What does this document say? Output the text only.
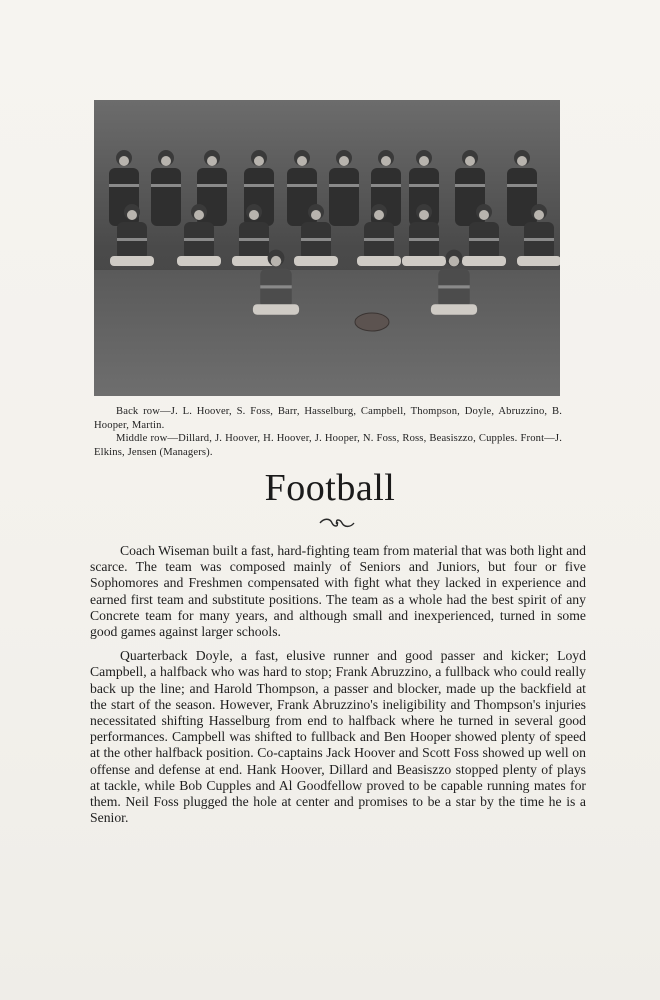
Back row—J. L. Hoover, S. Foss, Barr, Hasselburg, Campbell, Thompson, Doyle, Abruzzino, B. Hooper, Martin.

Middle row—Dillard, J. Hoover, H. Hoover, J. Hooper, N. Foss, Ross, Beasiszzo, Cupples. Front—J. Elkins, Jensen (Managers).

Football

Coach Wiseman built a fast, hard-fighting team from material that was both light and scarce. The team was composed mainly of Seniors and Juniors, but four or five Sophomores and Freshmen compensated with fight what they lacked in experience and earned first team and substitute positions. The team as a whole had the best spirit of any Concrete team for many years, and although small and inexperienced, turned in some good games against larger schools.

Quarterback Doyle, a fast, elusive runner and good passer and kicker; Loyd Campbell, a halfback who was hard to stop; Frank Abruzzino, a fullback who could really back up the line; and Harold Thompson, a passer and blocker, made up the backfield at the start of the season. However, Frank Abruzzino's ineligibility and Thompson's injuries necessitated shifting Hasselburg from end to halfback where he turned in several good performances. Campbell was shifted to fullback and Ben Hooper showed plenty of speed at the other halfback position. Co-captains Jack Hoover and Scott Foss showed up well on offense and defense at end. Hank Hoover, Dillard and Beasiszzo stopped plenty of plays at tackle, while Bob Cupples and Al Goodfellow proved to be capable running mates for them. Neil Foss plugged the hole at center and promises to be a star by the time he is a Senior.
